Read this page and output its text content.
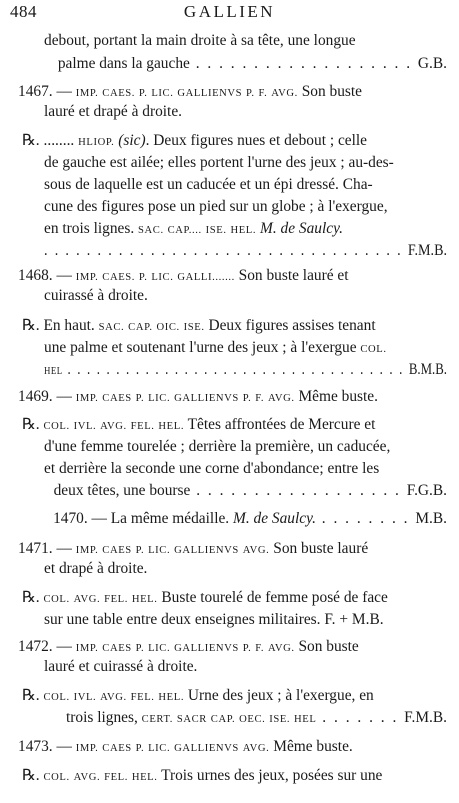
484	GALLIEN
debout, portant la main droite à sa tête, une longue
palme dans la gauche . . . . . . . . . . . . . . . . . . . G.B.
1467. — IMP. CAES. P. LIC. GALLIENVS P. F. AVG. Son buste
lauré et drapé à droite.
℞. ........ HLIOP. (sic). Deux figures nues et debout ; celle
de gauche est ailée; elles portent l'urne des jeux ; au-des-
sous de laquelle est un caducée et un épi dressé. Cha-
cune des figures pose un pied sur un globe ; à l'exergue,
en trois lignes. SAC. CAP.... ISE. HEL. M. de Saulcy.
. . . . . . . . . . . . . . . . . . . . . . . . . . . . . . . . . . F.M.B.
1468. — IMP. CAES. P. LIC. GALLI....... Son buste lauré et
cuirassé à droite.
℞. En haut. SAC. CAP. OIC. ISE. Deux figures assises tenant
une palme et soutenant l'urne des jeux ; à l'exergue COL.
HEL . . . . . . . . . . . . . . . . . . . . . . . . . . . . . . . . . . . B.M.B.
1469. — IMP. CAES P. LIC. GALLIENVS P. F. AVG. Même buste.
℞. COL. IVL. AVG. FEL. HEL. Têtes affrontées de Mercure et
d'une femme tourelée ; derrière la première, un caducée,
et derrière la seconde une corne d'abondance; entre les
deux têtes, une bourse . . . . . . . . . . . . . . . . . . F.G.B.
1470. — La même médaille. M. de Saulcy. . . . . . . . . M.B.
1471. — IMP. CAES P. LIC. GALLIENVS AVG. Son buste lauré
et drapé à droite.
℞. COL. AVG. FEL. HEL. Buste tourelé de femme posé de face
sur une table entre deux enseignes militaires. F. + M.B.
1472. — IMP. CAES P. LIC. GALLIENVS P. F. AVG. Son buste
lauré et cuirassé à droite.
℞. COL. IVL. AVG. FEL. HEL. Urne des jeux ; à l'exergue, en
trois lignes, CERT. SACR CAP. OEC. ISE. HEL . . . . . . . F.M.B.
1473. — IMP. CAES P. LIC. GALLIENVS AVG. Même buste.
℞. COL. AVG. FEL. HEL. Trois urnes des jeux, posées sur une
